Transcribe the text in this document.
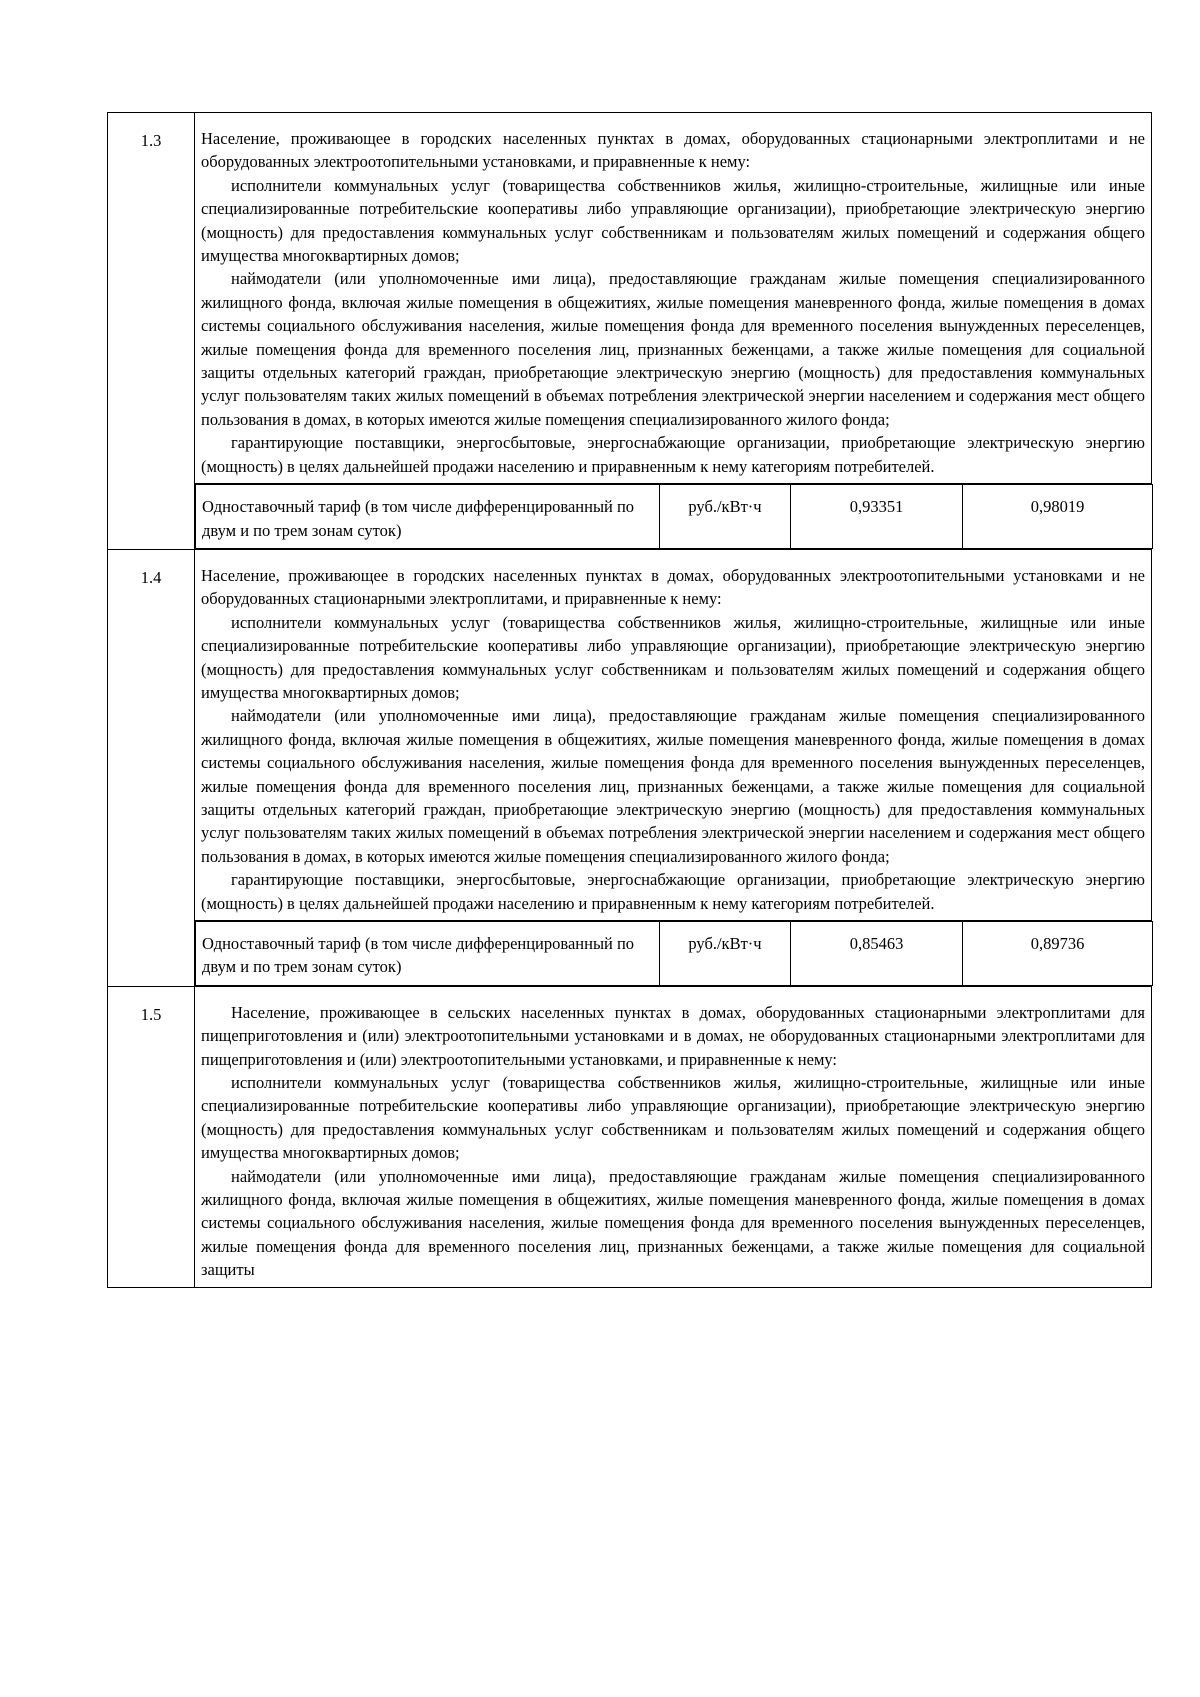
1.3	Население, проживающее в городских населенных пунктах в домах, оборудованных стационарными электроплитами и не оборудованных электроотопительными установками, и приравненные к нему:

исполнители коммунальных услуг (товарищества собственников жилья, жилищно-строительные, жилищные или иные специализированные потребительские кооперативы либо управляющие организации), приобретающие электрическую энергию (мощность) для предоставления коммунальных услуг собственникам и пользователям жилых помещений и содержания общего имущества многоквартирных домов;

наймодатели (или уполномоченные ими лица), предоставляющие гражданам жилые помещения специализированного жилищного фонда, включая жилые помещения в общежитиях, жилые помещения маневренного фонда, жилые помещения в домах системы социального обслуживания населения, жилые помещения фонда для временного поселения вынужденных переселенцев, жилые помещения фонда для временного поселения лиц, признанных беженцами, а также жилые помещения для социальной защиты отдельных категорий граждан, приобретающие электрическую энергию (мощность) для предоставления коммунальных услуг пользователям таких жилых помещений в объемах потребления электрической энергии населением и содержания мест общего пользования в домах, в которых имеются жилые помещения специализированного жилого фонда;

гарантирующие поставщики, энергосбытовые, энергоснабжающие организации, приобретающие электрическую энергию (мощность) в целях дальнейшей продажи населению и приравненным к нему категориям потребителей.

Одноставочный тариф (в том числе дифференцированный по двум и по трем зонам суток)	руб./кВт·ч	0,93351	0,98019

1.4	Население, проживающее в городских населенных пунктах в домах, оборудованных электроотопительными установками и не оборудованных стационарными электроплитами, и приравненные к нему:

исполнители коммунальных услуг (товарищества собственников жилья, жилищно-строительные, жилищные или иные специализированные потребительские кооперативы либо управляющие организации), приобретающие электрическую энергию (мощность) для предоставления коммунальных услуг собственникам и пользователям жилых помещений и содержания общего имущества многоквартирных домов;

наймодатели (или уполномоченные ими лица), предоставляющие гражданам жилые помещения специализированного жилищного фонда, включая жилые помещения в общежитиях, жилые помещения маневренного фонда, жилые помещения в домах системы социального обслуживания населения, жилые помещения фонда для временного поселения вынужденных переселенцев, жилые помещения фонда для временного поселения лиц, признанных беженцами, а также жилые помещения для социальной защиты отдельных категорий граждан, приобретающие электрическую энергию (мощность) для предоставления коммунальных услуг пользователям таких жилых помещений в объемах потребления электрической энергии населением и содержания мест общего пользования в домах, в которых имеются жилые помещения специализированного жилого фонда;

гарантирующие поставщики, энергосбытовые, энергоснабжающие организации, приобретающие электрическую энергию (мощность) в целях дальнейшей продажи населению и приравненным к нему категориям потребителей.

Одноставочный тариф (в том числе дифференцированный по двум и по трем зонам суток)	руб./кВт·ч	0,85463	0,89736

1.5	Население, проживающее в сельских населенных пунктах в домах, оборудованных стационарными электроплитами для пищеприготовления и (или) электроотопительными установками и в домах, не оборудованных стационарными электроплитами для пищеприготовления и (или) электроотопительными установками, и приравненные к нему:

исполнители коммунальных услуг (товарищества собственников жилья, жилищно-строительные, жилищные или иные специализированные потребительские кооперативы либо управляющие организации), приобретающие электрическую энергию (мощность) для предоставления коммунальных услуг собственникам и пользователям жилых помещений и содержания общего имущества многоквартирных домов;

наймодатели (или уполномоченные ими лица), предоставляющие гражданам жилые помещения специализированного жилищного фонда, включая жилые помещения в общежитиях, жилые помещения маневренного фонда, жилые помещения в домах системы социального обслуживания населения, жилые помещения фонда для временного поселения вынужденных переселенцев, жилые помещения фонда для временного поселения лиц, признанных беженцами, а также жилые помещения для социальной защиты
